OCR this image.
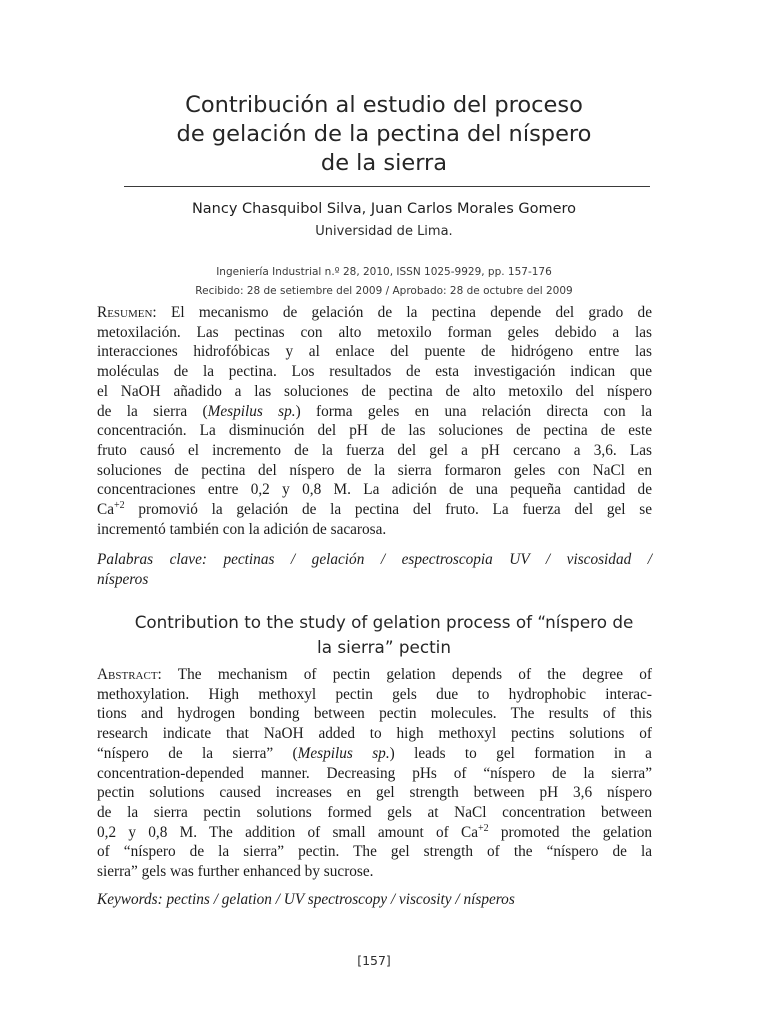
Contribución al estudio del proceso
de gelación de la pectina del níspero
de la sierra
Nancy Chasquibol Silva, Juan Carlos Morales Gomero
Universidad de Lima.
Ingeniería Industrial n.º 28, 2010, ISSN 1025-9929, pp. 157-176
Recibido: 28 de setiembre del 2009 / Aprobado: 28 de octubre del 2009
Resumen: El mecanismo de gelación de la pectina depende del grado de
metoxilación. Las pectinas con alto metoxilo forman geles debido a las
interacciones hidrofóbicas y al enlace del puente de hidrógeno entre las
moléculas de la pectina. Los resultados de esta investigación indican que
el NaOH añadido a las soluciones de pectina de alto metoxilo del níspero
de la sierra (Mespilus sp.) forma geles en una relación directa con la
concentración. La disminución del pH de las soluciones de pectina de este
fruto causó el incremento de la fuerza del gel a pH cercano a 3,6. Las
soluciones de pectina del níspero de la sierra formaron geles con NaCl en
concentraciones entre 0,2 y 0,8 M. La adición de una pequeña cantidad de
$Ca^{+2}$ promovió la gelación de la pectina del fruto. La fuerza del gel se
incrementó también con la adición de sacarosa.
Palabras clave: pectinas / gelación / espectroscopia UV / viscosidad /
nísperos
Contribution to the study of gelation process of “níspero de
la sierra” pectin
Abstract: The mechanism of pectin gelation depends of the degree of
methoxylation. High methoxyl pectin gels due to hydrophobic interac-
tions and hydrogen bonding between pectin molecules. The results of this
research indicate that NaOH added to high methoxyl pectins solutions of
“níspero de la sierra” (Mespilus sp.) leads to gel formation in a
concentration-depended manner. Decreasing pHs of “níspero de la sierra”
pectin solutions caused increases en gel strength between pH 3,6 níspero
de la sierra pectin solutions formed gels at NaCl concentration between
0,2 y 0,8 M. The addition of small amount of $Ca^{+2}$ promoted the gelation
of “níspero de la sierra” pectin. The gel strength of the “níspero de la
sierra” gels was further enhanced by sucrose.
Keywords: pectins / gelation / UV spectroscopy / viscosity / nísperos
[157]
